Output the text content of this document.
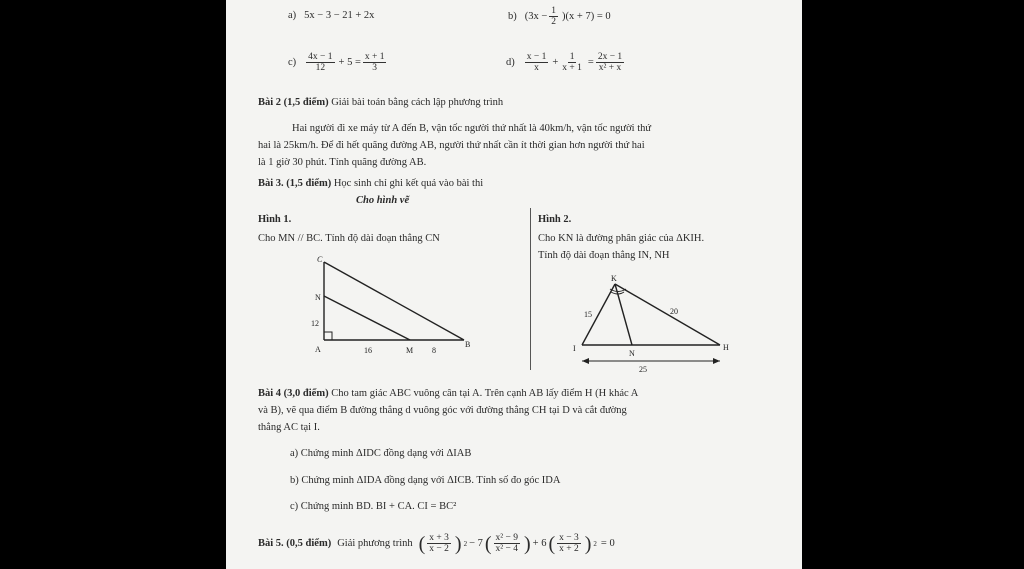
a) 5x − 3 − 21 + 2x	b) $(3x - \frac{1}{2} )(x + 7) = 0$
$c) \frac{4x - 1}{12} + 5 = \frac{x + 1}{3}$	$d) \frac{x - 1}{x} + \frac{1}{x + 1} = \frac{2x - 1}{\text{x² + x}}$
Bài 2 (1,5 điểm) Giải bài toán bằng cách lập phương trình
Hai người đi xe máy từ A đến B, vận tốc người thứ nhất là 40km/h, vận tốc người thứ
hai là 25km/h. Để đi hết quãng đường AB, người thứ nhất cần ít thời gian hơn người thứ hai
là 1 giờ 30 phút. Tính quãng đường AB.
Bài 3. (1,5 điểm) Học sinh chỉ ghi kết quả vào bài thi
Cho hình vẽ
Hình 1.
Cho MN // BC. Tính độ dài đoạn thẳng CN
Hình 2.
Cho KN là đường phân giác của ΔKIH.
Tính độ dài đoạn thẳng IN, NH
C
N
A	M
B
12
16	8
K
I
N
H
15	20
25
Bài 4 (3,0 điểm) Cho tam giác ABC vuông cân tại A. Trên cạnh AB lấy điểm H (H khác A
và B), vẽ qua điểm B đường thẳng d vuông góc với đường thẳng CH tại D và cắt đường
thẳng AC tại I.
a) Chứng minh ΔIDC đồng dạng với ΔIAB
b) Chứng minh ΔIDA đồng dạng với ΔICB. Tính số đo góc IDA
c) Chứng minh BD. BI + CA. CI = BC²
Bài 5. (0,5 điểm) Giải phương trình ( $\frac{x + 3}{x - 2}$ ) 2 − 7 ( $\frac{\text{x² − 9}}{\text{x² − 4}}$ ) + 6 ( $\frac{x - 3}{x + 2}$ ) 2 = 0
